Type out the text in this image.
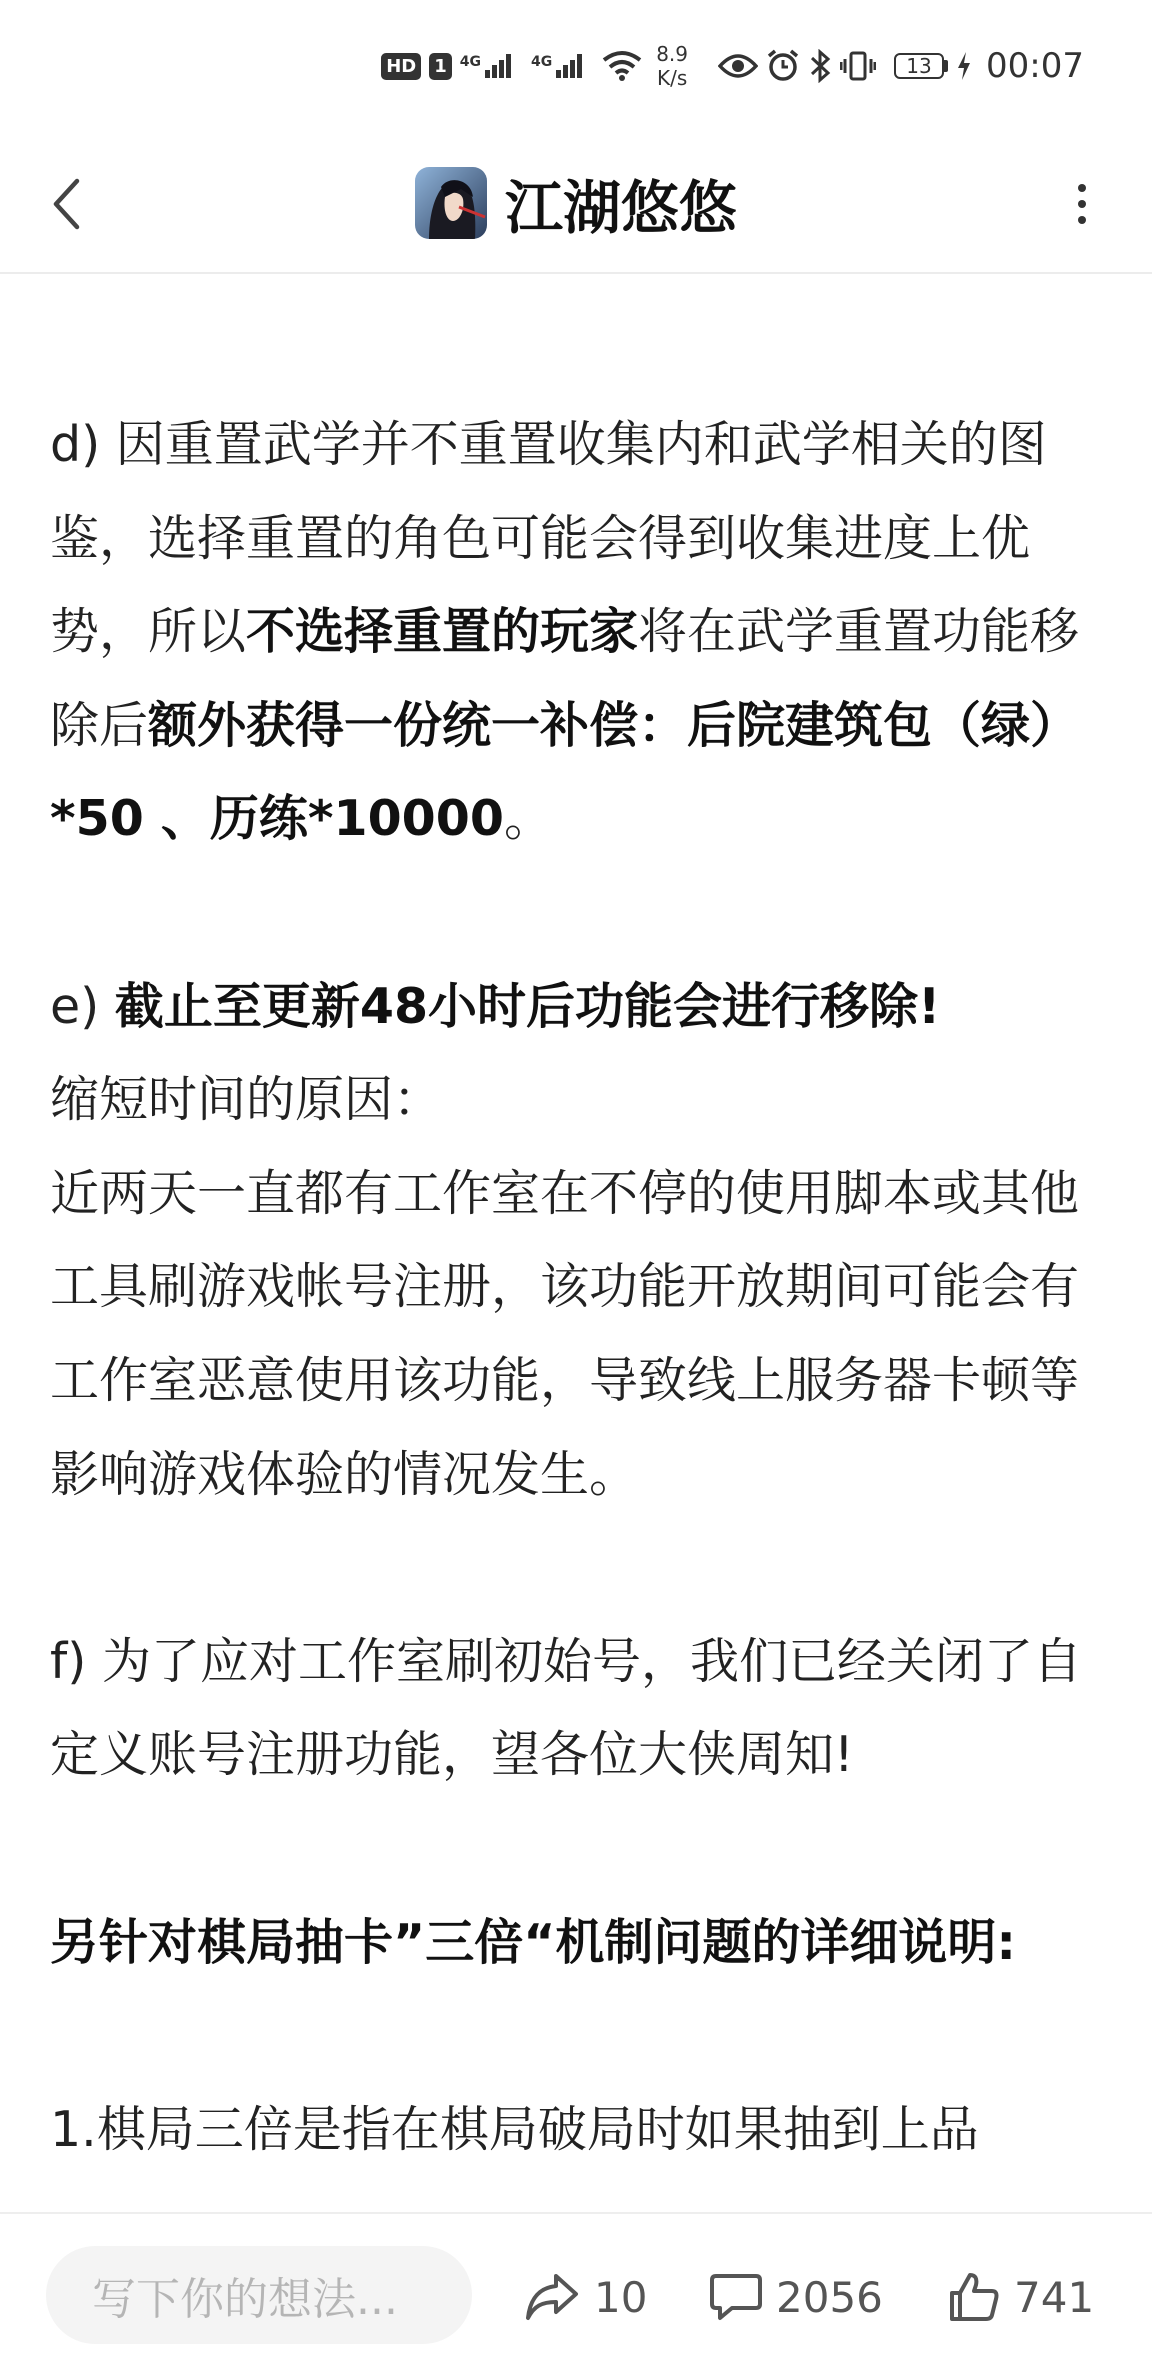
HD 1 4G	4G	8.9
K/s	13 00:07
江湖悠悠

d) 因重置武学并不重置收集内和武学相关的图鉴，选择重置的角色可能会得到收集进度上优势，所以不选择重置的玩家将在武学重置功能移除后额外获得一份统一补偿：后院建筑包（绿）*50 、历练*10000。

e) 截止至更新48小时后功能会进行移除!

缩短时间的原因：

近两天一直都有工作室在不停的使用脚本或其他工具刷游戏帐号注册，该功能开放期间可能会有工作室恶意使用该功能，导致线上服务器卡顿等影响游戏体验的情况发生。

f) 为了应对工作室刷初始号，我们已经关闭了自定义账号注册功能，望各位大侠周知!

另针对棋局抽卡”三倍“机制问题的详细说明:

1.棋局三倍是指在棋局破局时如果抽到上品

写下你的想法...	10	2056	741
